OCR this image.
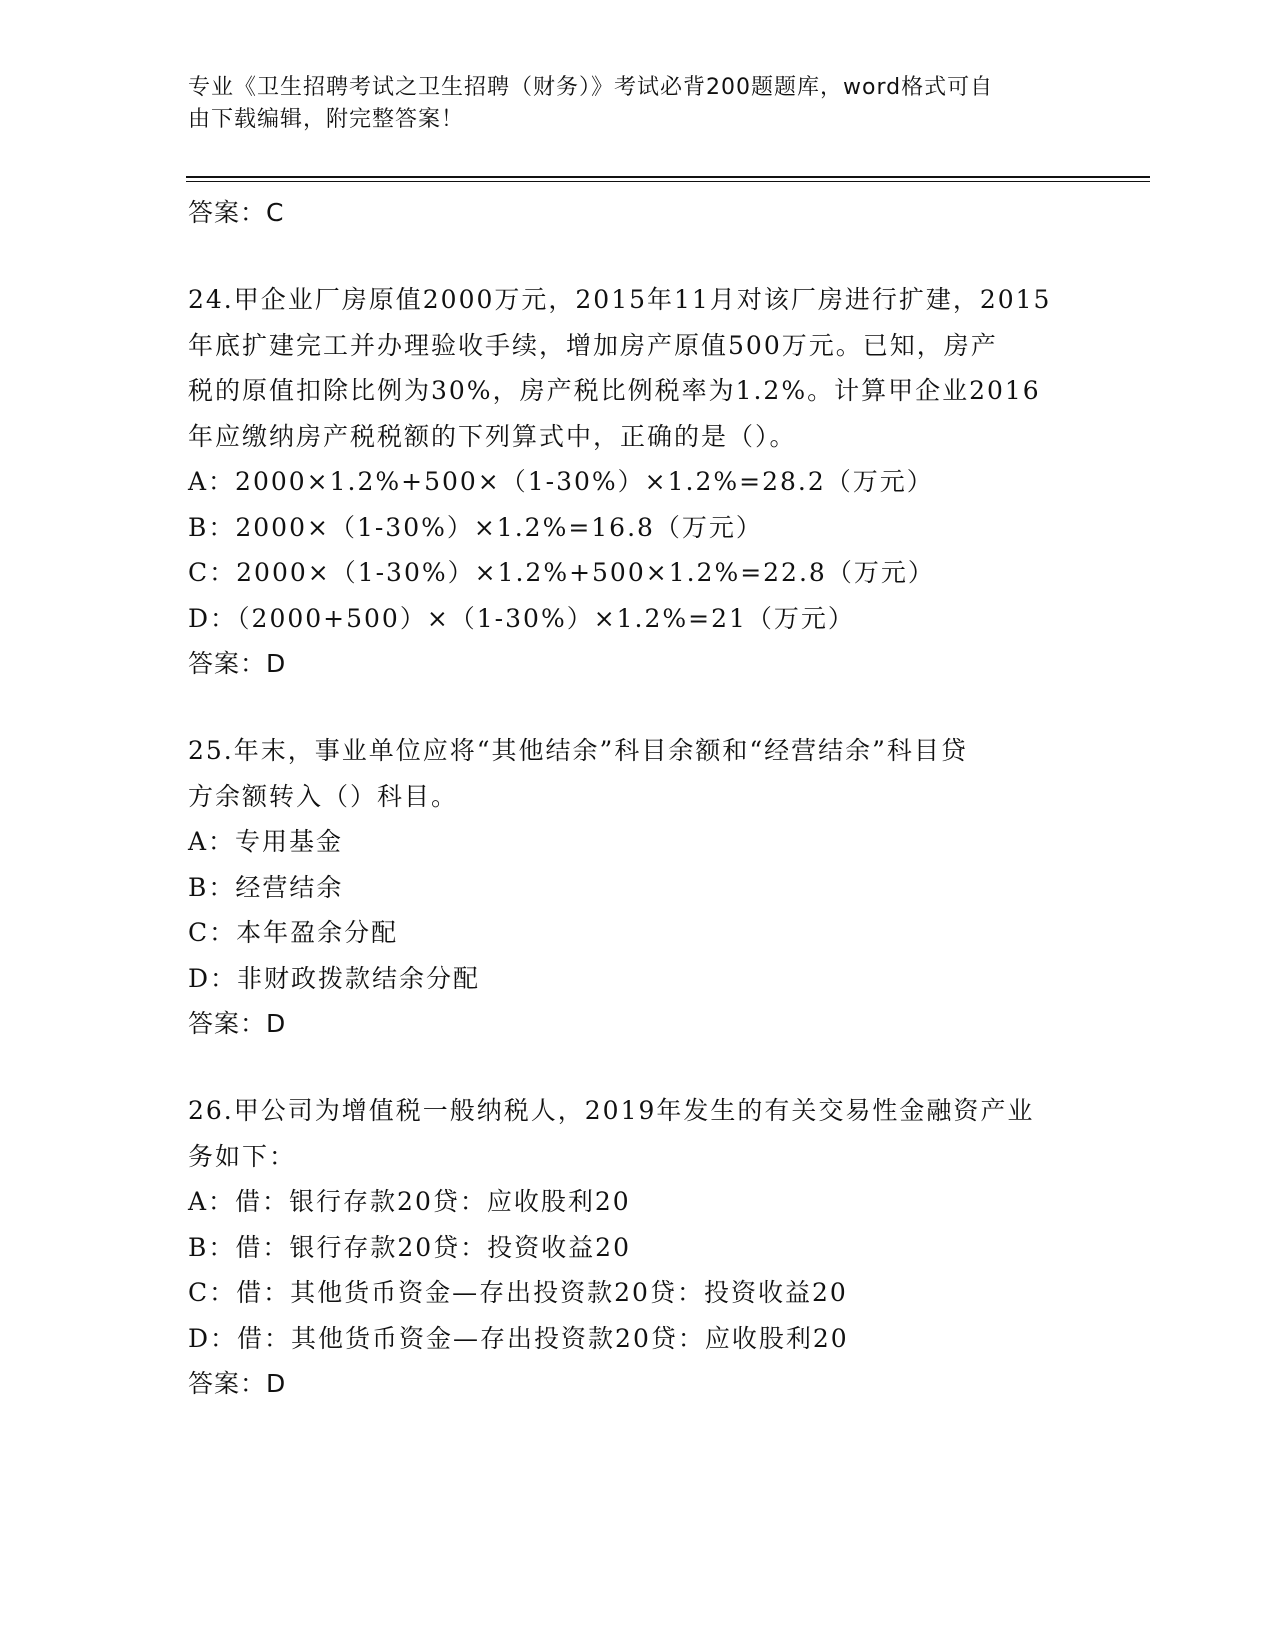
专业《卫生招聘考试之卫生招聘（财务）》考试必背200题题库，word格式可自
由下载编辑，附完整答案！
答案：C
24.甲企业厂房原值2000万元，2015年11月对该厂房进行扩建，2015
年底扩建完工并办理验收手续，增加房产原值500万元。已知，房产
税的原值扣除比例为30%，房产税比例税率为1.2%。计算甲企业2016
年应缴纳房产税税额的下列算式中，正确的是（）。
A：2000×1.2%+500×（1-30%）×1.2%=28.2（万元）
B：2000×（1-30%）×1.2%=16.8（万元）
C：2000×（1-30%）×1.2%+500×1.2%=22.8（万元）
D：（2000+500）×（1-30%）×1.2%=21（万元）
答案：D
25.年末，事业单位应将“其他结余”科目余额和“经营结余”科目贷
方余额转入（）科目。
A：专用基金
B：经营结余
C：本年盈余分配
D：非财政拨款结余分配
答案：D
26.甲公司为增值税一般纳税人，2019年发生的有关交易性金融资产业
务如下：
A：借：银行存款20贷：应收股利20
B：借：银行存款20贷：投资收益20
C：借：其他货币资金—存出投资款20贷：投资收益20
D：借：其他货币资金—存出投资款20贷：应收股利20
答案：D
